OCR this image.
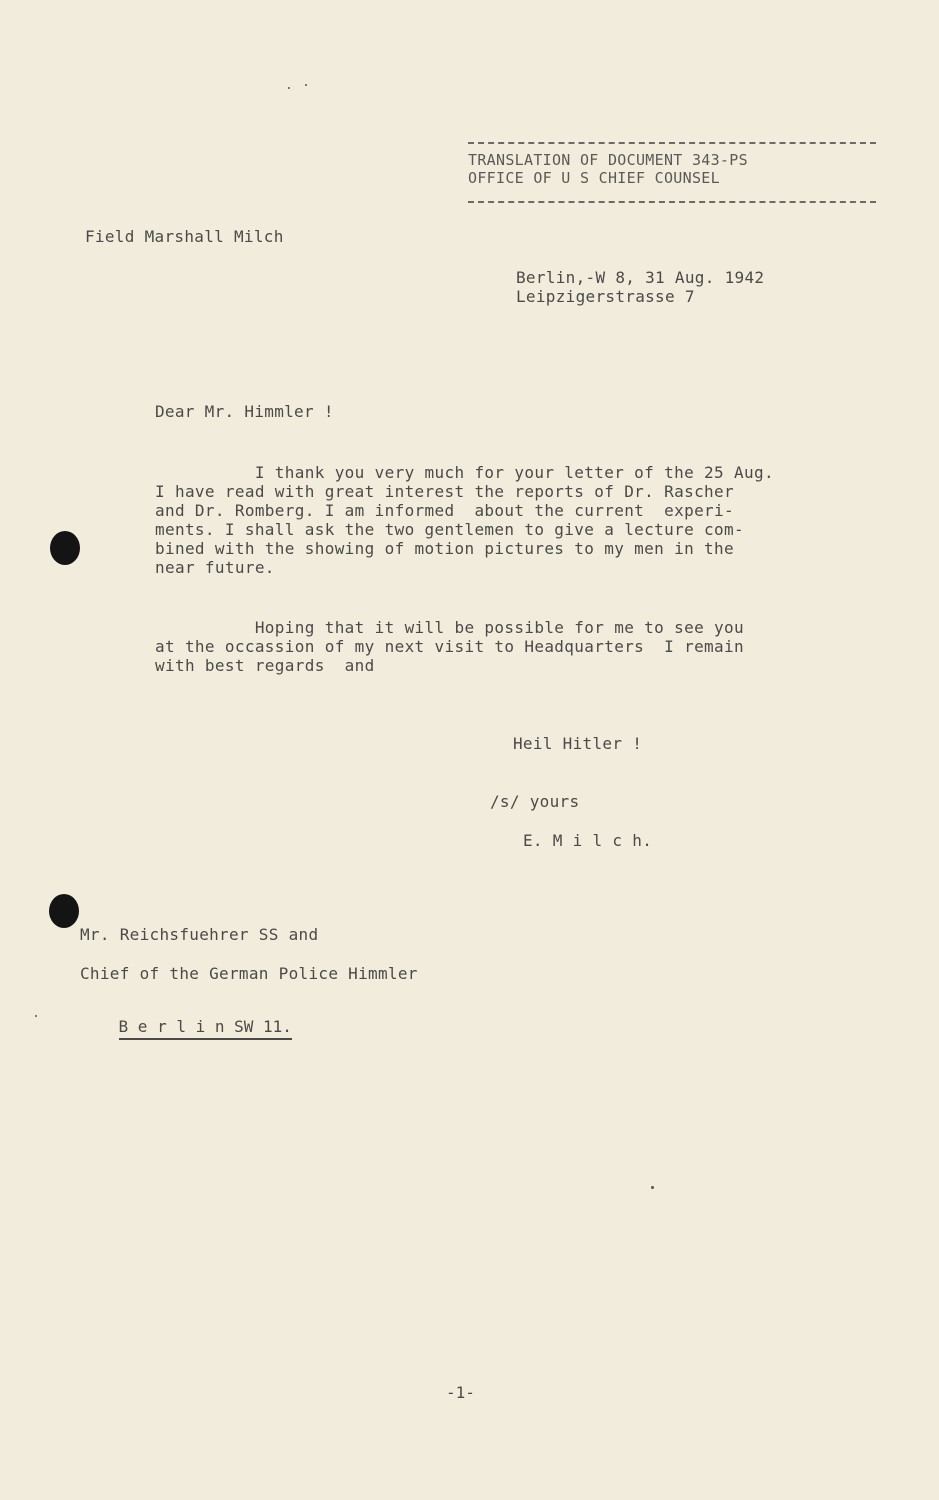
TRANSLATION OF DOCUMENT 343-PS
OFFICE OF U S CHIEF COUNSEL
Field Marshall Milch
Berlin,-W 8, 31 Aug. 1942
Leipzigerstrasse 7
Dear Mr. Himmler !
I thank you very much for your letter of the 25 Aug.
I have read with great interest the reports of Dr. Rascher
and Dr. Romberg. I am informed  about the current  experi-
ments. I shall ask the two gentlemen to give a lecture com-
bined with the showing of motion pictures to my men in the
near future.
Hoping that it will be possible for me to see you
at the occassion of my next visit to Headquarters  I remain
with best regards  and
Heil Hitler !
/s/ yours
E. M i l c h.
Mr. Reichsfuehrer SS and
Chief of the German Police Himmler

B e r l i n SW 11.

-1-
